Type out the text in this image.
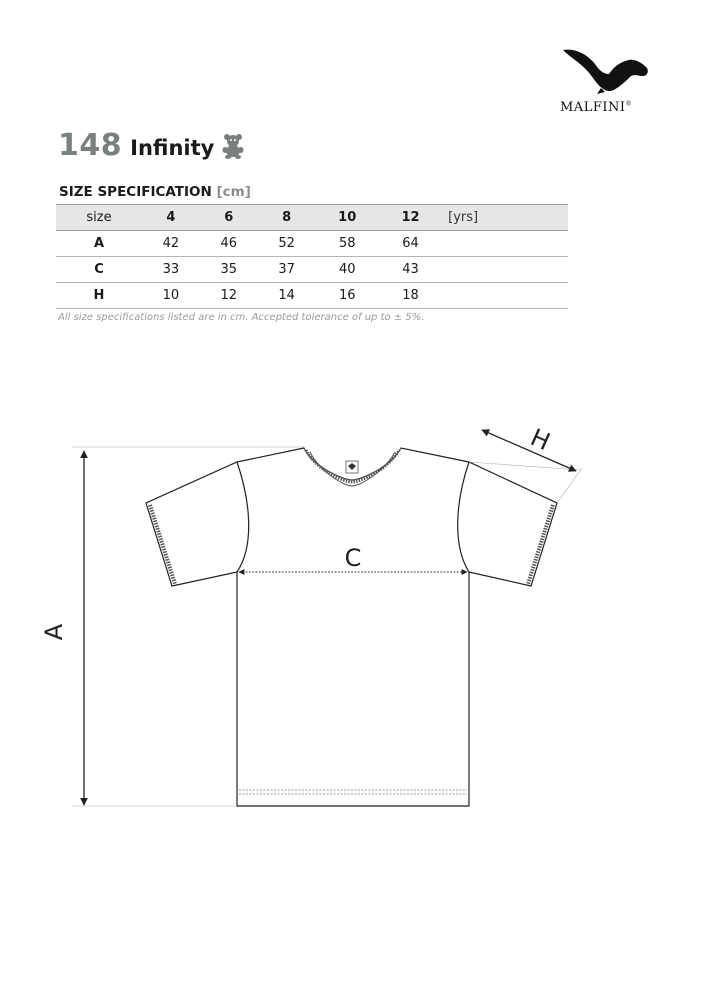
MALFINI®
148 Infinity
SIZE SPECIFICATION [cm]
size	4	6	8	10	12	[yrs]
A	42	46	52	58	64	
C	33	35	37	40	43	
H	10	12	14	16	18	
All size specifications listed are in cm. Accepted tolerance of up to ± 5%.
A
C
H
